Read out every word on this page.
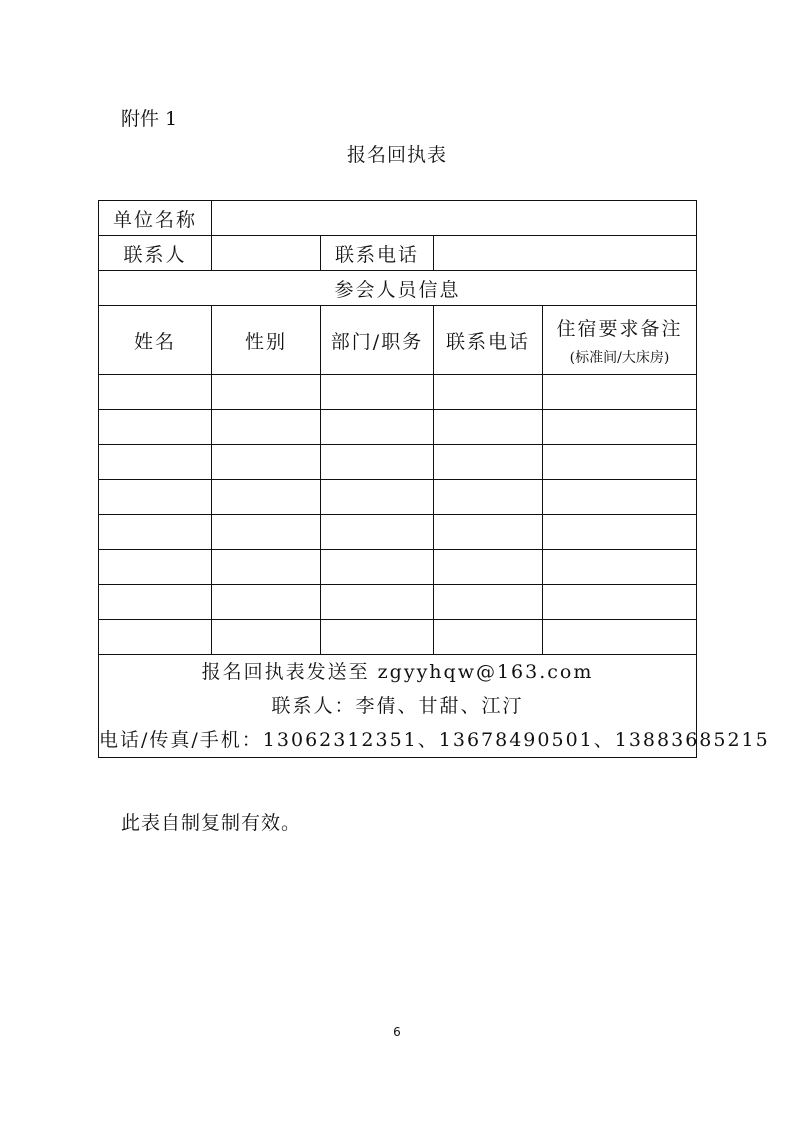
附件 1
报名回执表
单位名称				
联系人		联系电话		
参会人员信息				
姓名	性别	部门/职务	联系电话	住宿要求备注
(标准间/大床房)

报名回执表发送至 zgyyhqw@163.com
联系人：李倩、甘甜、江汀
电话/传真/手机：13062312351、13678490501、13883685215				
此表自制复制有效。
6
